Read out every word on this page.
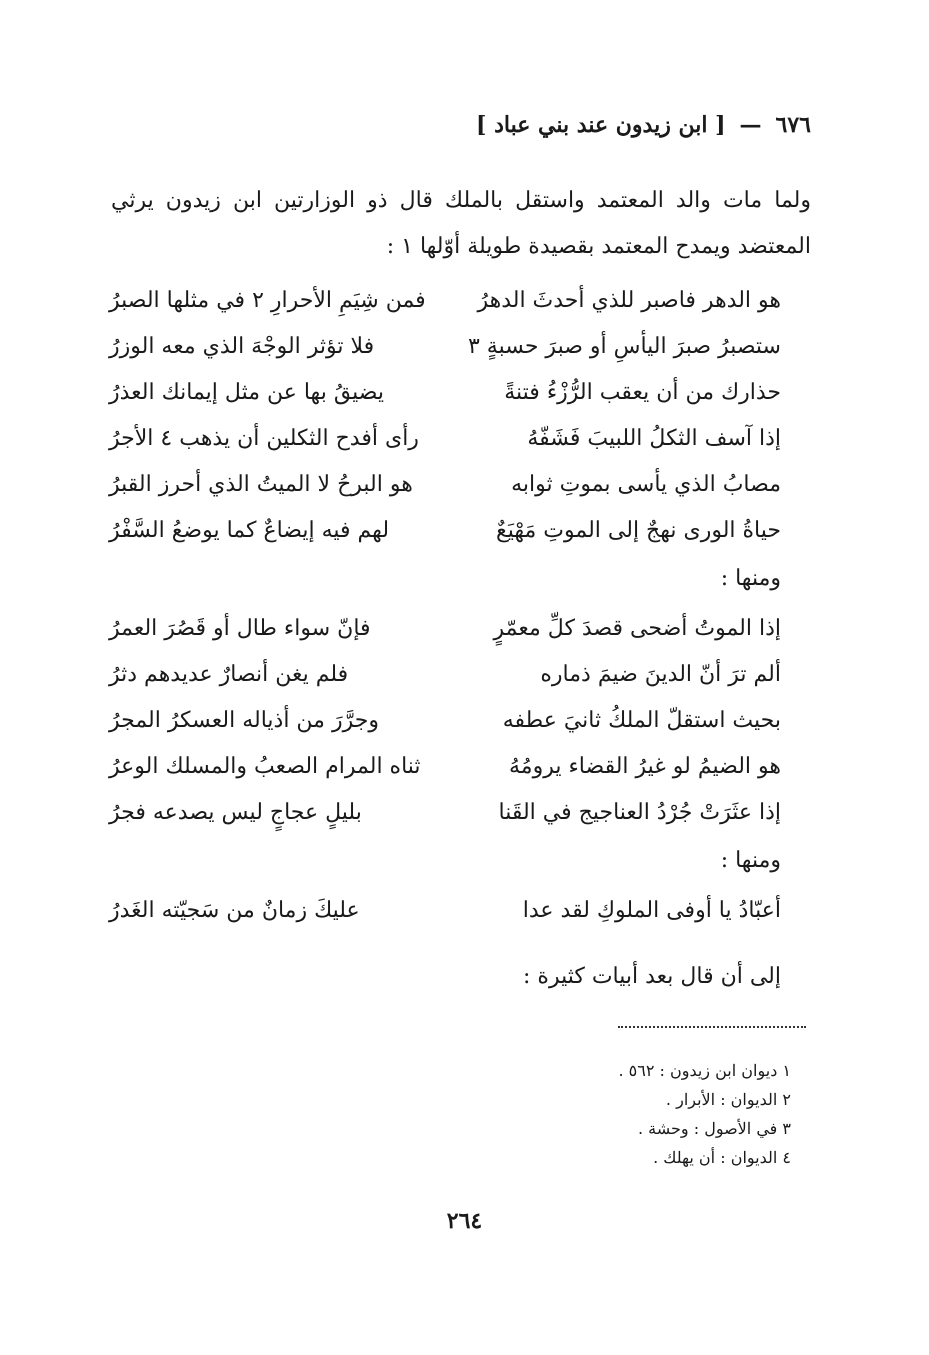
٦٧٦—[ ابن زيدون عند بني عباد ]

ولما مات والد المعتمد واستقل بالملك قال ذو الوزارتين ابن زيدون يرثي

المعتضد ويمدح المعتمد بقصيدة طويلة أوّلها ١ :

هو الدهر فاصبر للذي أحدثَ الدهرُ
فمن شِيَمِ الأحرارِ ٢ في مثلها الصبرُ
ستصبرُ صبرَ اليأسِ أو صبرَ حسبةٍ ٣
فلا تؤثر الوجْهَ الذي معه الوزرُ
حذارك من أن يعقب الرُّزْءُ فتنةً
يضيقُ بها عن مثل إيمانك العذرُ
إذا آسف الثكلُ اللبيبَ فَشَفّهُ
رأى أفدح الثكلين أن يذهب ٤ الأجرُ
مصابُ الذي يأسى بموتِ ثوابه
هو البرحُ لا الميتُ الذي أحرز القبرُ
حياةُ الورى نهجٌ إلى الموتِ مَهْيَعٌ
لهم فيه إيضاعٌ كما يوضعُ السَّفْرُ
ومنها :
إذا الموتُ أضحى قصدَ كلِّ معمّرٍ
فإنّ سواء طال أو قَصُرَ العمرُ
ألم ترَ أنّ الدينَ ضيمَ ذماره
فلم يغن أنصارٌ عديدهم دثرُ
بحيث استقلّ الملكُ ثانيَ عطفه
وجرَّرَ من أذياله العسكرُ المجرُ
هو الضيمُ لو غيرُ القضاء يرومُهُ
ثناه المرام الصعبُ والمسلك الوعرُ
إذا عثَرَتْ جُرْدُ العناجيج في القَنا
بليلٍ عجاجٍ ليس يصدعه فجرُ
ومنها :
أعبّادُ يا أوفى الملوكِ لقد عدا
عليكَ زمانٌ من سَجيّته الغَدرُ
إلى أن قال بعد أبيات كثيرة :
١ ديوان ابن زيدون : ٥٦٢ .
٢ الديوان : الأبرار .
٣ في الأصول : وحشة .
٤ الديوان : أن يهلك .
٢٦٤
